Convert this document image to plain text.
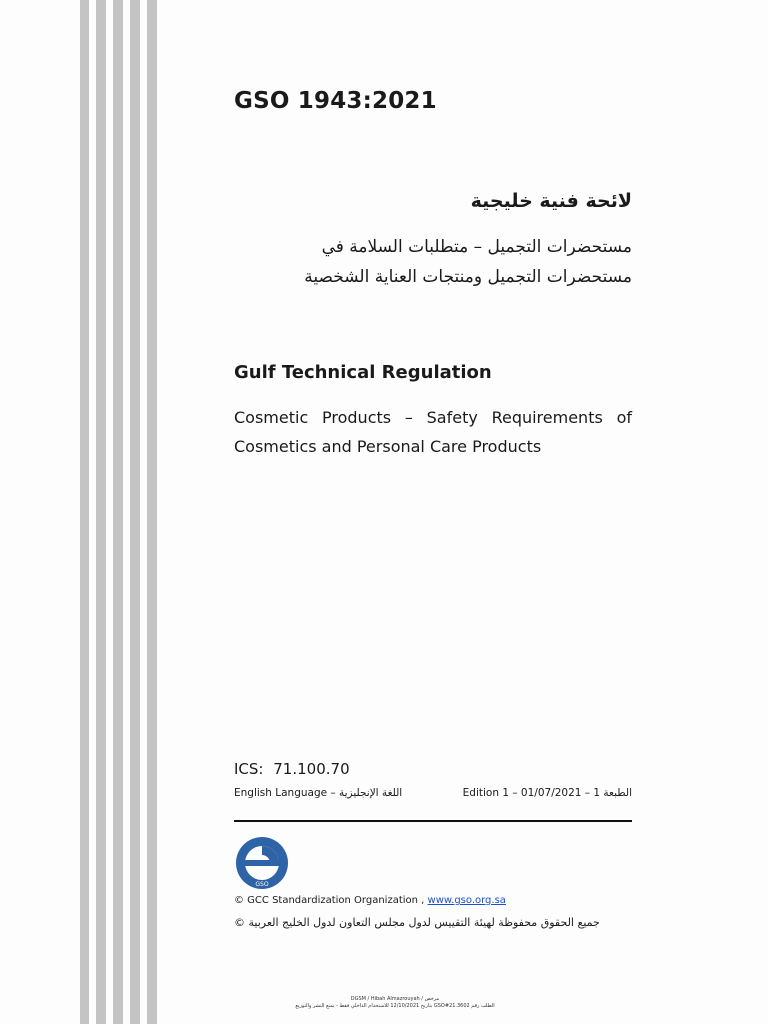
GSO 1943:2021
لائحة فنية خليجية
مستحضرات التجميل – متطلبات السلامة في مستحضرات التجميل ومنتجات العناية الشخصية
Gulf Technical Regulation
Cosmetic Products – Safety Requirements of Cosmetics and Personal Care Products
ICS: 71.100.70
English Language – اللغة الإنجليزية	Edition 1 – 01/07/2021 – الطبعة 1
GSO
© GCC Standardization Organization , www.gso.org.sa
جميع الحقوق محفوظة لهيئة التقييس لدول مجلس التعاون لدول الخليج العربية ©
DGSM / Hibah Almazrouyah / مرخص
الطلب رقم GSO#21.3602 بتاريخ 12/10/2021 للاستخدام الداخلي فقط - يمنع النشر والتوزيع
